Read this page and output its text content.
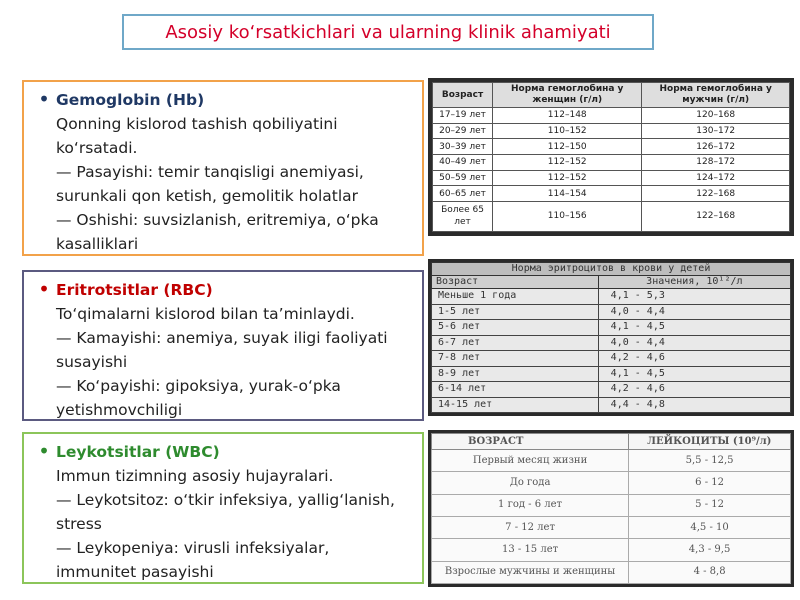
Asosiy ko‘rsatkichlari va ularning klinik ahamiyati
• Gemoglobin (Hb)
Qonning kislorod tashish qobiliyatini ko‘rsatadi.
— Pasayishi: temir tanqisligi anemiyasi, surunkali qon ketish, gemolitik holatlar
— Oshishi: suvsizlanish, eritremiya, o‘pka kasalliklari
• Eritrotsitlar (RBC)
To‘qimalarni kislorod bilan ta’minlaydi.
— Kamayishi: anemiya, suyak iligi faoliyati susayishi
— Ko‘payishi: gipoksiya, yurak-o‘pka yetishmovchiligi
• Leykotsitlar (WBC)
Immun tizimning asosiy hujayralari.
— Leykotsitoz: o‘tkir infeksiya, yallig‘lanish, stress
— Leykopeniya: virusli infeksiyalar, immunitet pasayishi
Возраст	Норма гемоглобина у женщин (г/л)	Норма гемоглобина у мужчин (г/л)
17–19 лет	112–148	120–168
20–29 лет	110–152	130–172
30–39 лет	112–150	126–172
40–49 лет	112–152	128–172
50–59 лет	112–152	124–172
60–65 лет	114–154	122–168
Более 65 лет	110–156	122–168
Норма эритроцитов в крови у детей	
Возраст	Значения, 10¹²/л
Меньше 1 года	4,1 - 5,3
1-5 лет	4,0 - 4,4
5-6 лет	4,1 - 4,5
6-7 лет	4,0 - 4,4
7-8 лет	4,2 - 4,6
8-9 лет	4,1 - 4,5
6-14 лет	4,2 - 4,6
14-15 лет	4,4 - 4,8
ВОЗРАСТ	ЛЕЙКОЦИТЫ (10⁹/л)
Первый месяц жизни	5,5 - 12,5
До года	6 - 12
1 год - 6 лет	5 - 12
7 - 12 лет	4,5 - 10
13 - 15 лет	4,3 - 9,5
Взрослые мужчины и женщины	4 - 8,8
